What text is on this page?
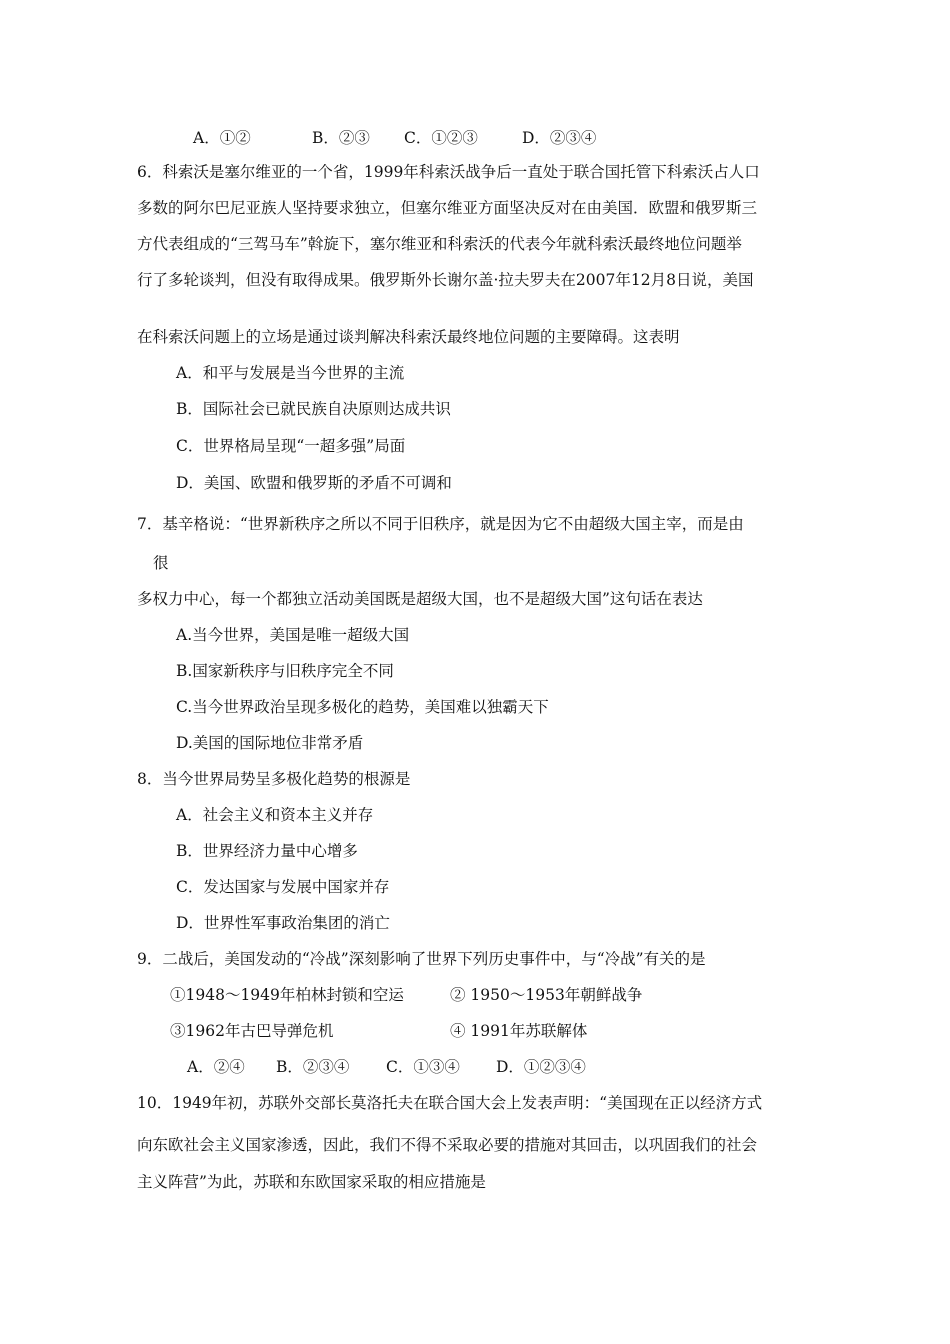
A．①②	B．②③ C．①②③	D．②③④
6．科索沃是塞尔维亚的一个省，1999年科索沃战争后一直处于联合国托管下科索沃占人口
多数的阿尔巴尼亚族人坚持要求独立，但塞尔维亚方面坚决反对在由美国．欧盟和俄罗斯三
方代表组成的“三驾马车”斡旋下，塞尔维亚和科索沃的代表今年就科索沃最终地位问题举
行了多轮谈判，但没有取得成果。俄罗斯外长谢尔盖·拉夫罗夫在2007年12月8日说，美国
在科索沃问题上的立场是通过谈判解决科索沃最终地位问题的主要障碍。这表明
A．和平与发展是当今世界的主流
B．国际社会已就民族自决原则达成共识
C．世界格局呈现“一超多强”局面
D．美国、欧盟和俄罗斯的矛盾不可调和
7．基辛格说：“世界新秩序之所以不同于旧秩序，就是因为它不由超级大国主宰，而是由
很
多权力中心，每一个都独立活动美国既是超级大国，也不是超级大国”这句话在表达
A.当今世界，美国是唯一超级大国
B.国家新秩序与旧秩序完全不同
C.当今世界政治呈现多极化的趋势，美国难以独霸天下
D.美国的国际地位非常矛盾
8．当今世界局势呈多极化趋势的根源是
A．社会主义和资本主义并存
B．世界经济力量中心增多
C．发达国家与发展中国家并存
D．世界性军事政治集团的消亡
9．二战后，美国发动的“冷战”深刻影响了世界下列历史事件中，与“冷战”有关的是
①1948～1949年柏林封锁和空运	② 1950～1953年朝鲜战争
③1962年古巴导弹危机	④ 1991年苏联解体
A．②④ B．②③④ C．①③④ D．①②③④
10．1949年初，苏联外交部长莫洛托夫在联合国大会上发表声明：“美国现在正以经济方式
向东欧社会主义国家渗透，因此，我们不得不采取必要的措施对其回击，以巩固我们的社会
主义阵营”为此，苏联和东欧国家采取的相应措施是
